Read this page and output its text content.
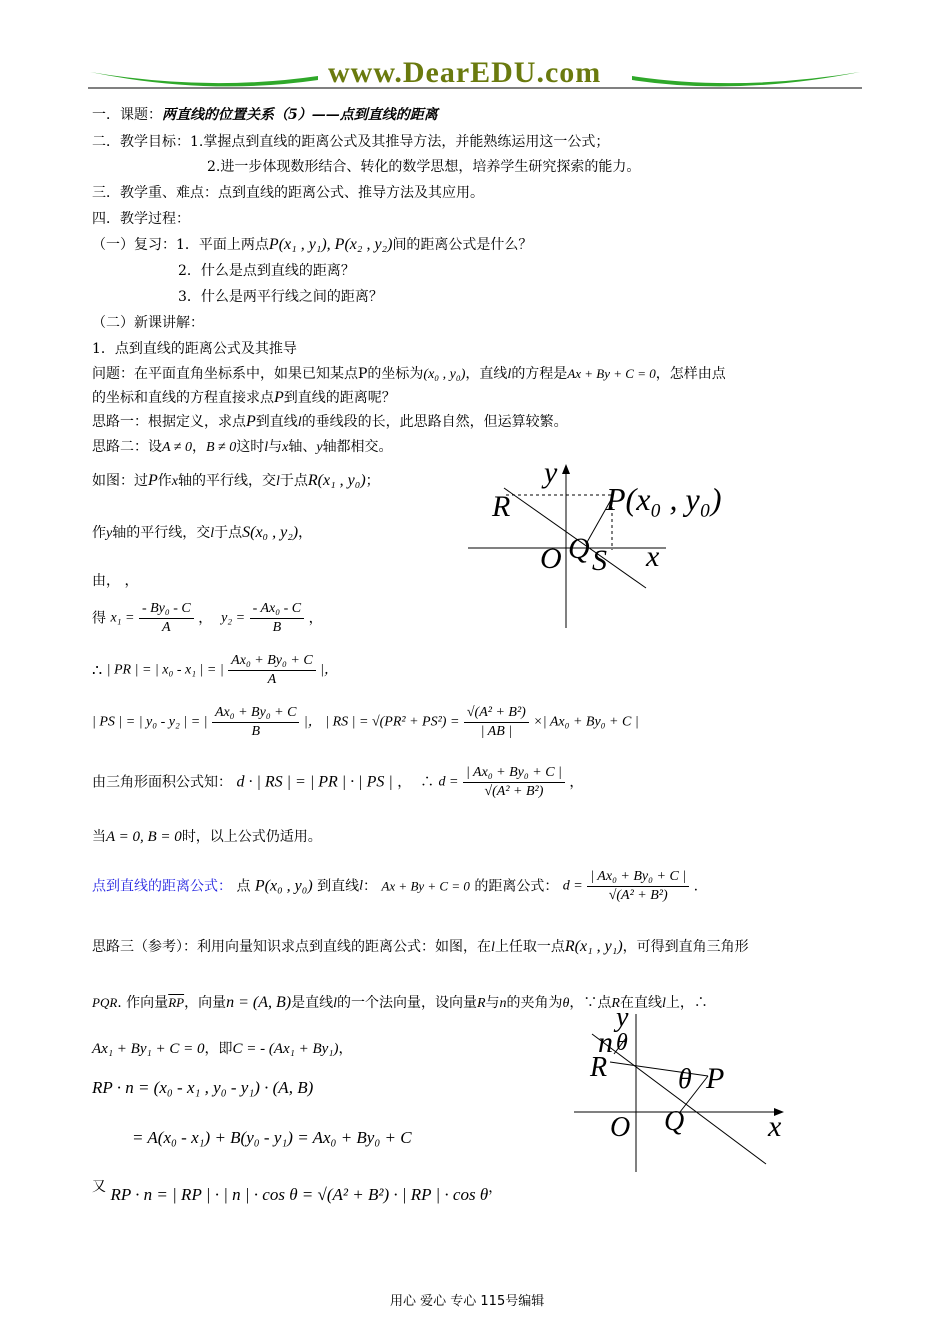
www.DearEDU.com
一．课题：两直线的位置关系（5）——点到直线的距离
二．教学目标：1.掌握点到直线的距离公式及其推导方法，并能熟练运用这一公式；
2.进一步体现数形结合、转化的数学思想，培养学生研究探索的能力。
三．教学重、难点：点到直线的距离公式、推导方法及其应用。
四．教学过程：
（一）复习：1．平面上两点P(x₁ , y₁), P(x₂ , y₂)间的距离公式是什么？
2．什么是点到直线的距离？
3．什么是两平行线之间的距离？
（二）新课讲解：
1．点到直线的距离公式及其推导
问题：在平面直角坐标系中，如果已知某点P的坐标为(x₀ , y₀)，直线l的方程是Ax + By + C = 0，怎样由点
的坐标和直线的方程直接求点P到直线的距离呢？
思路一：根据定义，求点P到直线l的垂线段的长，此思路自然，但运算较繁。
思路二：设A ≠ 0，B ≠ 0这时l与x轴、y轴都相交。
如图：过P作x轴的平行线，交l于点R(x₁ , y₀)；
作y轴的平行线，交l于点S(x₀ , y₂)，
由， ，
得 $x_1 = \frac{\text{- By₀ - C}}{A}$ ，  $y_2 = \frac{\text{- Ax₀ - C}}{B}$ ，
∴ | PR | = | x₀ - x₁ | = | $\frac{\text{Ax₀ + By₀ + C}}{A}$ |，
| PS | = | y₀ - y₂ | = | $\frac{\text{Ax₀ + By₀ + C}}{B}$ |， | RS | = $√(PR^2 + PS^2) = \frac{\text{√(A² + B²)}}{| AB |}$ ×| Ax₀ + By₀ + C |
由三角形面积公式知： d · | RS | = | PR | · | PS | ，  ∴ $d = \frac{\text{| Ax₀ + By₀ + C |}}{\text{√(A² + B²)}}$ ，
当A = 0, B = 0时，以上公式仍适用。
点到直线的距离公式： 点 P(x₀ , y₀) 到直线l： Ax + By + C = 0 的距离公式： $d = \frac{\text{| Ax₀ + By₀ + C |}}{\text{√(A² + B²)}}$ .
思路三（参考）：利用向量知识求点到直线的距离公式：如图，在l上任取一点R(x₁ , y₁)，可得到直角三角形
PQR. 作向量$\overline{RP}$，向量n = (A, B)是直线l的一个法向量，设向量R与n的夹角为θ，∵点R在直线l上，∴
Ax₁ + By₁ + C = 0，即C = - (Ax₁ + By₁)，
RP · n = (x₀ - x₁ , y₀ - y₁) · (A, B)
= A(x₀ - x₁) + B(y₀ - y₁) = Ax₀ + By₀ + C
又 RP · n = | RP | · | n | · cos θ = √(A² + B²) · | RP | · cos θ，
y
P(x₀ , y₀)
R
O Q S x
y
n θ
R	θ P
O Q	x
用心 爱心 专心 115号编辑
